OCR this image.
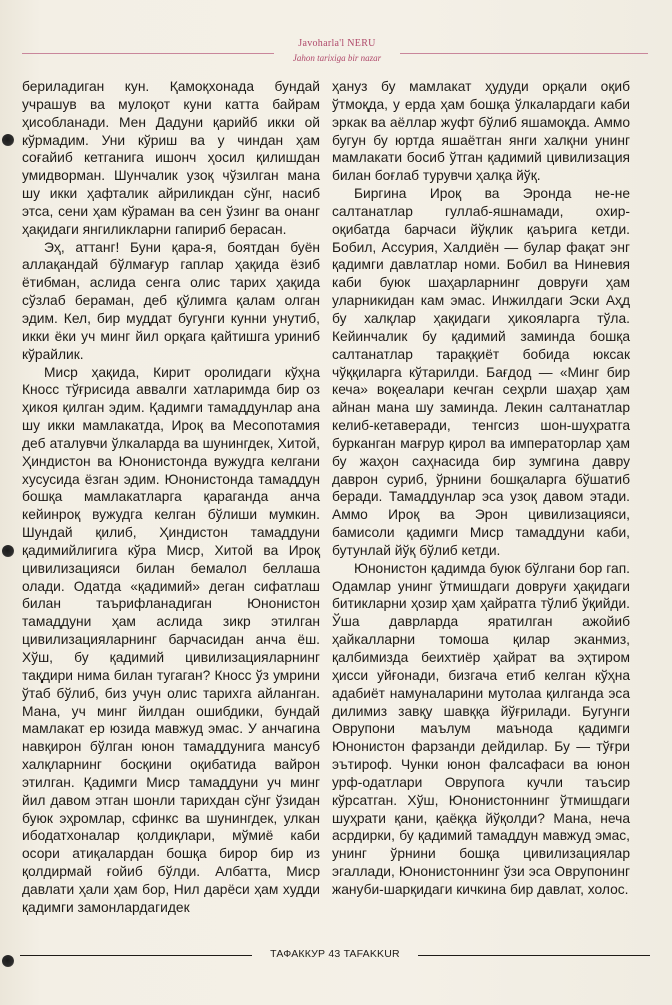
Javoharla'l NERU
Jahon tarixiga bir nazar

бериладиган кун. Қамоқхонада бундай учрашув ва мулоқот куни катта байрам ҳисобланади. Мен Дадуни қарийб икки ой кўрмадим. Уни кўриш ва у чиндан ҳам соғайиб кетганига ишонч ҳосил қилишдан умидворман. Шунчалик узоқ чўзилган мана шу икки ҳафталик айриликдан сўнг, насиб этса, сени ҳам кўраман ва сен ўзинг ва онанг ҳақидаги янгиликларни гапириб берасан.

Эҳ, аттанг! Буни қара-я, боятдан буён аллақандай бўлмағур гаплар ҳақида ёзиб ётибман, аслида сенга олис тарих ҳақида сўзлаб бераман, деб қўлимга қалам олган эдим. Кел, бир муддат бугунги кунни унутиб, икки ёки уч минг йил орқага қайтишга уриниб кўрайлик.

Миср ҳақида, Кирит оролидаги кўҳна Кносс тўғрисида аввалги хатларимда бир оз ҳикоя қилган эдим. Қадимги тамаддунлар ана шу икки мамлакатда, Ироқ ва Месопотамия деб аталувчи ўлкаларда ва шунингдек, Хитой, Ҳиндистон ва Юнонистонда вужудга келгани хусусида ёзган эдим. Юнонистонда тамаддун бошқа мамлакатларга қараганда анча кейинроқ вужудга келган бўлиши мумкин. Шундай қилиб, Ҳиндистон тамаддуни қадимийлигига кўра Миср, Хитой ва Ироқ цивилизацияси билан бемалол беллаша олади. Одатда «қадимий» деган сифатлаш билан таърифланадиган Юнонистон тамаддуни ҳам аслида зикр этилган цивилизацияларнинг барчасидан анча ёш. Хўш, бу қадимий цивилизацияларнинг тақдири нима билан тугаган? Кносс ўз умрини ўтаб бўлиб, биз учун олис тарихга айланган. Мана, уч минг йилдан ошибдики, бундай мамлакат ер юзида мавжуд эмас. У анчагина навқирон бўлган юнон тамаддунига мансуб халқларнинг босқини оқибатида вайрон этилган. Қадимги Миср тамаддуни уч минг йил давом этган шонли тарихдан сўнг ўзидан буюк эҳромлар, сфинкс ва шунингдек, улкан ибодатхоналар қолдиқлари, мўмиё каби осори атиқалардан бошқа бирор бир из қолдирмай ғойиб бўлди. Албатта, Миср давлати ҳали ҳам бор, Нил дарёси ҳам худди қадимги замонлардагидек

ҳануз бу мамлакат ҳудуди орқали оқиб ўтмоқда, у ерда ҳам бошқа ўлкалардаги каби эркак ва аёллар жуфт бўлиб яшамоқда. Аммо бугун бу юртда яшаётган янги халқни унинг мамлакати босиб ўтган қадимий цивилизация билан боғлаб турувчи ҳалқа йўқ.

Биргина Ироқ ва Эронда не-не салтанатлар гуллаб-яшнамади, охир-оқибатда барчаси йўқлик қаърига кетди. Бобил, Ассурия, Халдиён — булар фақат энг қадимги давлатлар номи. Бобил ва Ниневия каби буюк шаҳарларнинг довруғи ҳам уларникидан кам эмас. Инжилдаги Эски Аҳд бу халқлар ҳақидаги ҳикояларга тўла. Кейинчалик бу қадимий заминда бошқа салтанатлар тараққиёт бобида юксак чўққиларга кўтарилди. Бағдод — «Минг бир кеча» воқеалари кечган сеҳрли шаҳар ҳам айнан мана шу заминда. Лекин салтанатлар келиб-кетаверади, тенгсиз шон-шуҳратга бурканган мағрур қирол ва императорлар ҳам бу жаҳон саҳнасида бир зумгина давру даврон суриб, ўрнини бошқаларга бўшатиб беради. Тамаддунлар эса узоқ давом этади. Аммо Ироқ ва Эрон цивилизацияси, бамисоли қадимги Миср тамаддуни каби, бутунлай йўқ бўлиб кетди.

Юнонистон қадимда буюк бўлгани бор гап. Одамлар унинг ўтмишдаги довруғи ҳақидаги битикларни ҳозир ҳам ҳайратга тўлиб ўқийди. Ўша даврларда яратилган ажойиб ҳайкалларни томоша қилар эканмиз, қалбимизда беихтиёр ҳайрат ва эҳтиром ҳисси уйғонади, бизгача етиб келган кўҳна адабиёт намуналарини мутолаа қилганда эса дилимиз завқу шавққа йўғрилади. Бугунги Оврупони маълум маънода қадимги Юнонистон фарзанди дейдилар. Бу — тўғри эътироф. Чунки юнон фалсафаси ва юнон урф-одатлари Оврупога кучли таъсир кўрсатган. Хўш, Юнонистоннинг ўтмишдаги шуҳрати қани, қаёққа йўқолди? Мана, неча асрдирки, бу қадимий тамаддун мавжуд эмас, унинг ўрнини бошқа цивилизациялар эгаллади, Юнонистоннинг ўзи эса Оврупонинг жануби-шарқидаги кичкина бир давлат, холос.

ТАФАККУР 43 TAFAKKUR
